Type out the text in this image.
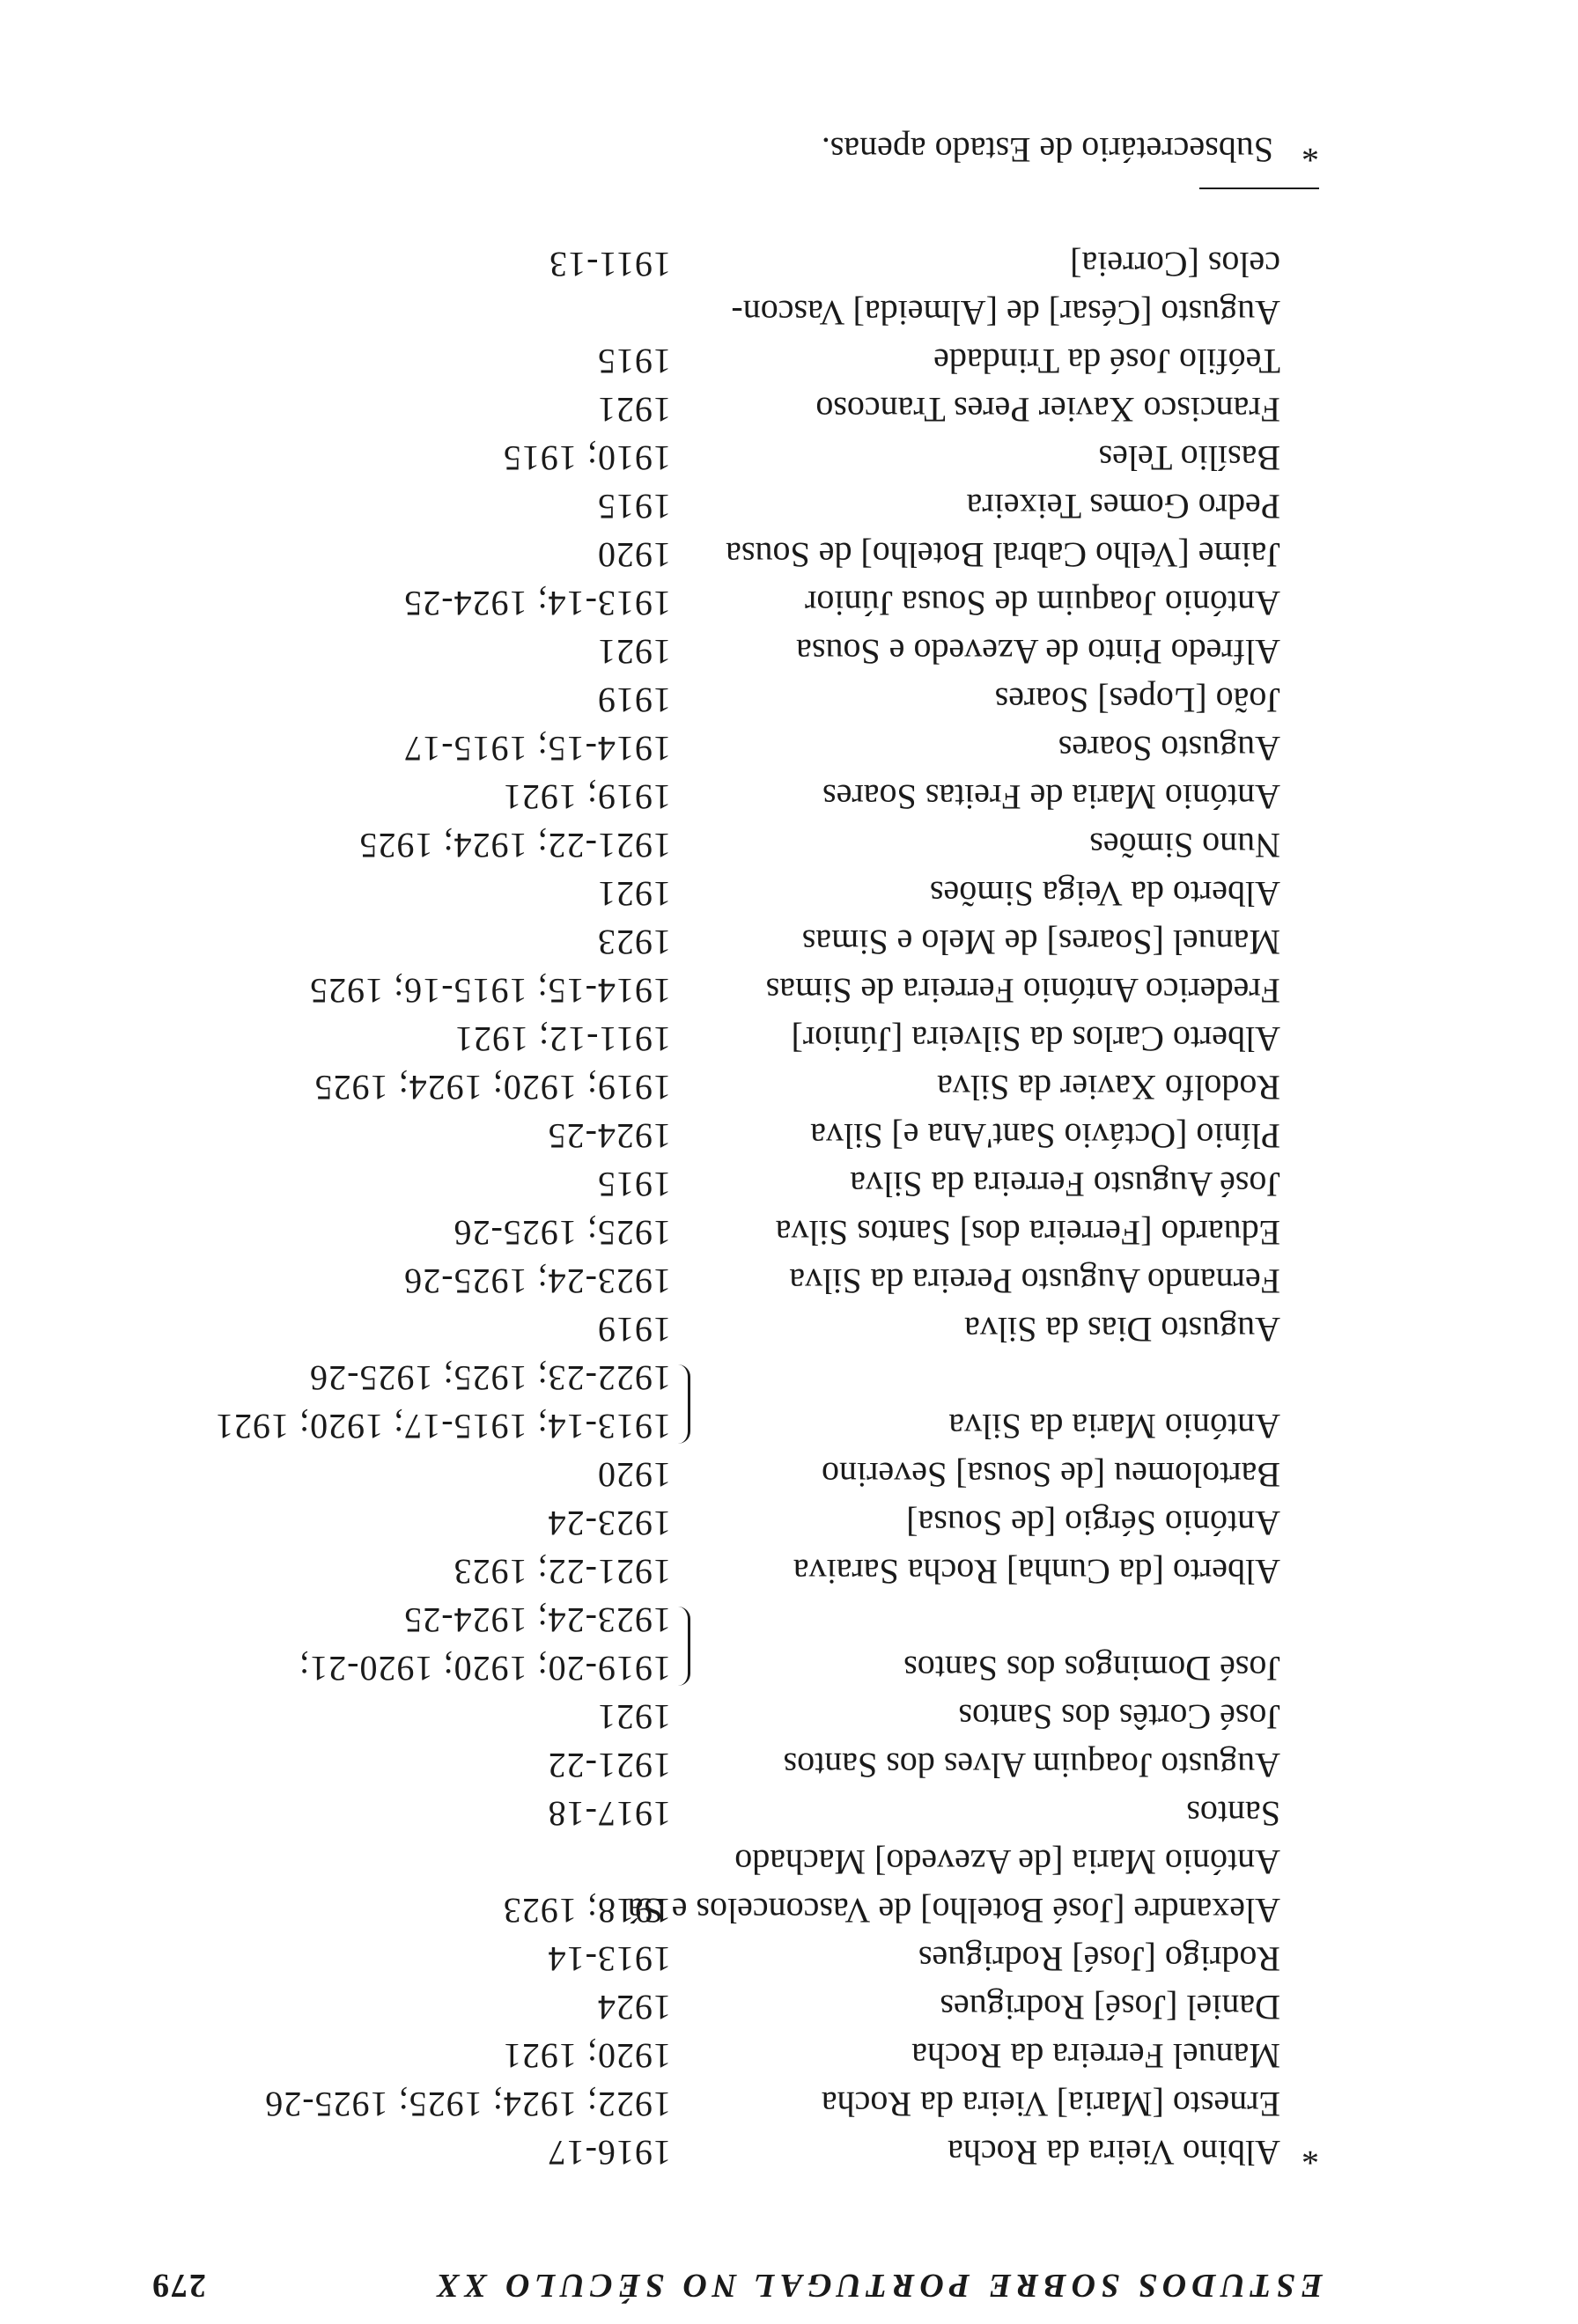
ESTUDOS SOBRE PORTUGAL NO SÉCULO XX
279
*
Albino Vieira da Rocha
1916-17
Ernesto [Maria] Vieira da Rocha
1922; 1924; 1925; 1925-26
Manuel Ferreira da Rocha
1920; 1921
Daniel [José] Rodrigues
1924
Rodrigo [José] Rodrigues
1913-14
Alexandre [José Botelho] de Vasconcelos e Sá
1918; 1923
António Maria [de Azevedo] Machado
Santos
1917-18
Augusto Joaquim Alves dos Santos
1921-22
José Cortês dos Santos
1921
José Domingos dos Santos
1919-20; 1920; 1920-21;
1923-24; 1924-25
Alberto [da Cunha] Rocha Saraiva
1921-22; 1923
António Sérgio [de Sousa]
1923-24
Bartolomeu [de Sousa] Severino
1920
António Maria da Silva
1913-14; 1915-17; 1920; 1921
1922-23; 1925; 1925-26
Augusto Dias da Silva
1919
Fernando Augusto Pereira da Silva
1923-24; 1925-26
Eduardo [Ferreira dos] Santos Silva
1925; 1925-26
José Augusto Ferreira da Silva
1915
Plínio [Octávio Sant'Ana e] Silva
1924-25
Rodolfo Xavier da Silva
1919; 1920; 1924; 1925
Alberto Carlos da Silveira [Júnior]
1911-12; 1921
Frederico António Ferreira de Simas
1914-15; 1915-16; 1925
Manuel [Soares] de Melo e Simas
1923
Alberto da Veiga Simões
1921
Nuno Simões
1921-22; 1924; 1925
António Maria de Freitas Soares
1919; 1921
Augusto Soares
1914-15; 1915-17
João [Lopes] Soares
1919
Alfredo Pinto de Azevedo e Sousa
1921
António Joaquim de Sousa Júnior
1913-14; 1924-25
Jaime [Velho Cabral Botelho] de Sousa
1920
Pedro Gomes Teixeira
1915
Basílio Teles
1910; 1915
Francisco Xavier Peres Trancoso
1921
Teófilo José da Trindade
1915
Augusto [César] de [Almeida] Vascon-
celos [Correia]
1911-13
* Subsecretário de Estado apenas.
